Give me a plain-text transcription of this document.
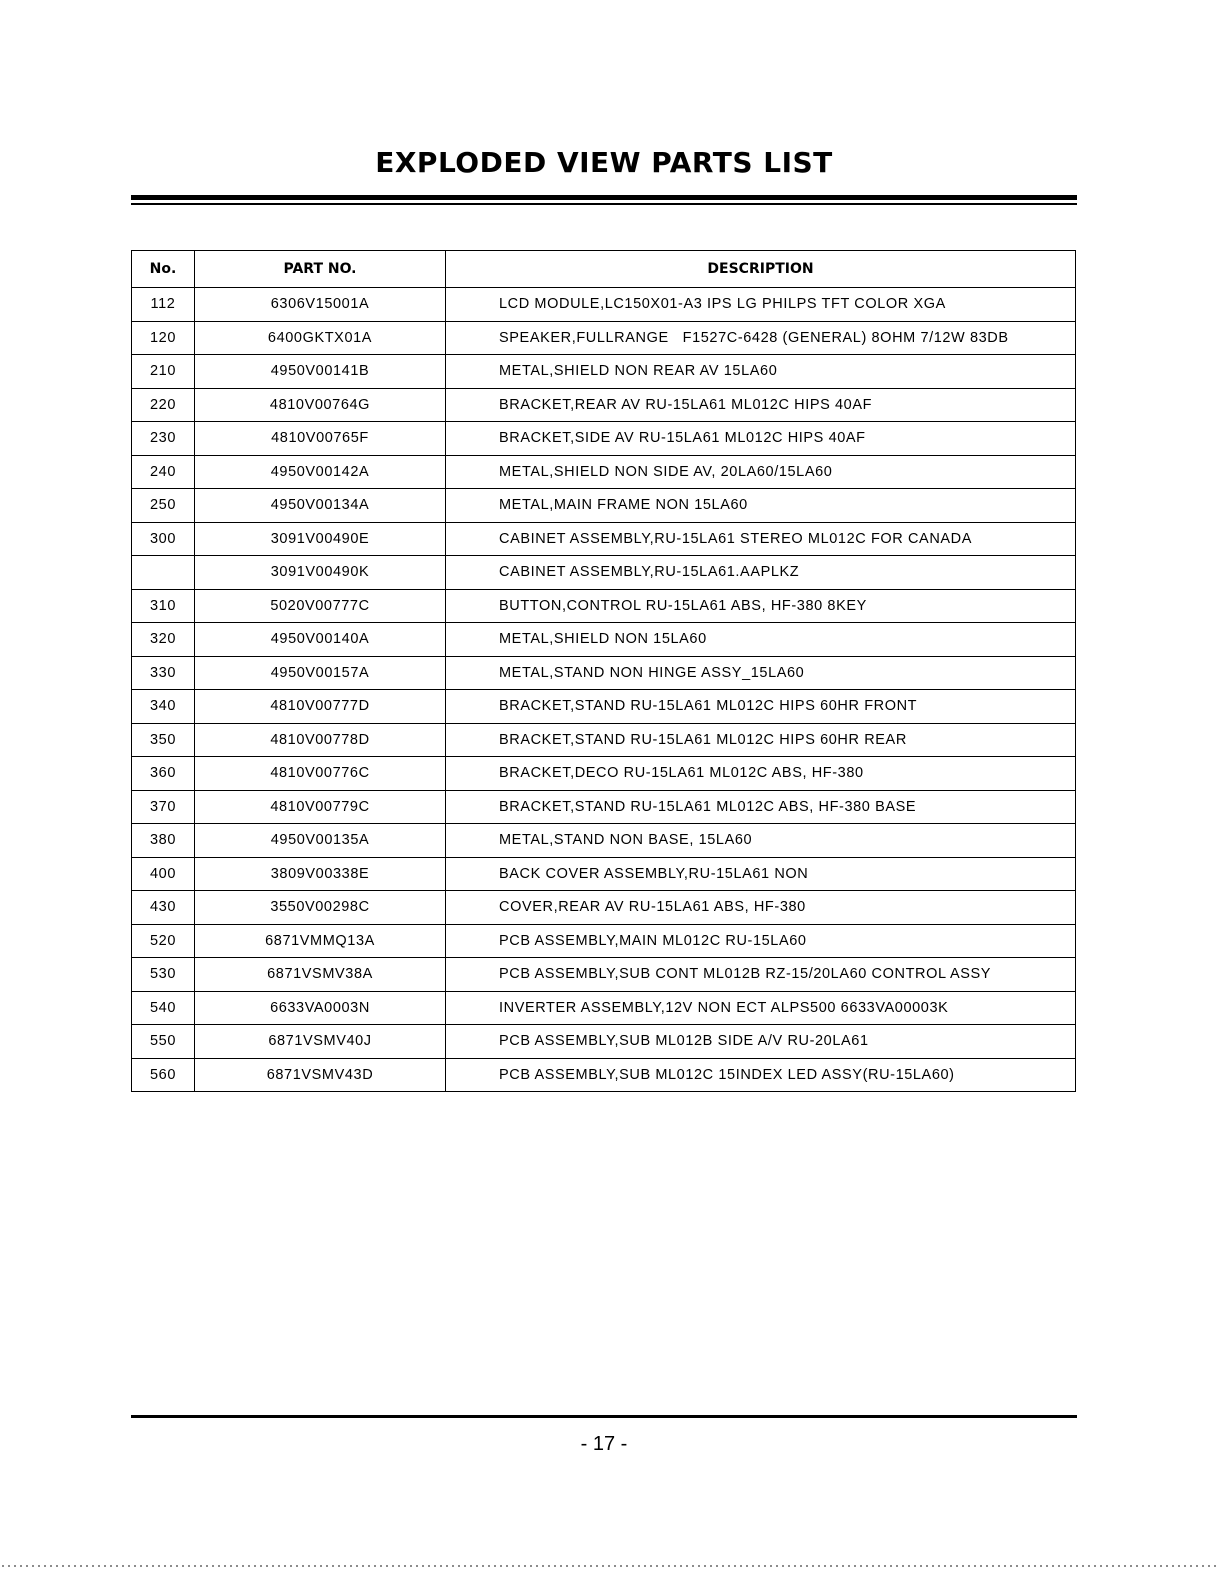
EXPLODED VIEW PARTS LIST
No.	PART NO.	DESCRIPTION
112	6306V15001A	LCD MODULE,LC150X01-A3 IPS LG PHILPS TFT COLOR XGA
120	6400GKTX01A	SPEAKER,FULLRANGE   F1527C-6428 (GENERAL) 8OHM 7/12W 83DB
210	4950V00141B	METAL,SHIELD NON REAR AV 15LA60
220	4810V00764G	BRACKET,REAR AV RU-15LA61 ML012C HIPS 40AF
230	4810V00765F	BRACKET,SIDE AV RU-15LA61 ML012C HIPS 40AF
240	4950V00142A	METAL,SHIELD NON SIDE AV, 20LA60/15LA60
250	4950V00134A	METAL,MAIN FRAME NON 15LA60
300	3091V00490E	CABINET ASSEMBLY,RU-15LA61 STEREO ML012C FOR CANADA
	3091V00490K	CABINET ASSEMBLY,RU-15LA61.AAPLKZ
310	5020V00777C	BUTTON,CONTROL RU-15LA61 ABS, HF-380 8KEY
320	4950V00140A	METAL,SHIELD NON 15LA60
330	4950V00157A	METAL,STAND NON HINGE ASSY_15LA60
340	4810V00777D	BRACKET,STAND RU-15LA61 ML012C HIPS 60HR FRONT
350	4810V00778D	BRACKET,STAND RU-15LA61 ML012C HIPS 60HR REAR
360	4810V00776C	BRACKET,DECO RU-15LA61 ML012C ABS, HF-380
370	4810V00779C	BRACKET,STAND RU-15LA61 ML012C ABS, HF-380 BASE
380	4950V00135A	METAL,STAND NON BASE, 15LA60
400	3809V00338E	BACK COVER ASSEMBLY,RU-15LA61 NON
430	3550V00298C	COVER,REAR AV RU-15LA61 ABS, HF-380
520	6871VMMQ13A	PCB ASSEMBLY,MAIN ML012C RU-15LA60
530	6871VSMV38A	PCB ASSEMBLY,SUB CONT ML012B RZ-15/20LA60 CONTROL ASSY
540	6633VA0003N	INVERTER ASSEMBLY,12V NON ECT ALPS500 6633VA00003K
550	6871VSMV40J	PCB ASSEMBLY,SUB ML012B SIDE A/V RU-20LA61
560	6871VSMV43D	PCB ASSEMBLY,SUB ML012C 15INDEX LED ASSY(RU-15LA60)
- 17 -
